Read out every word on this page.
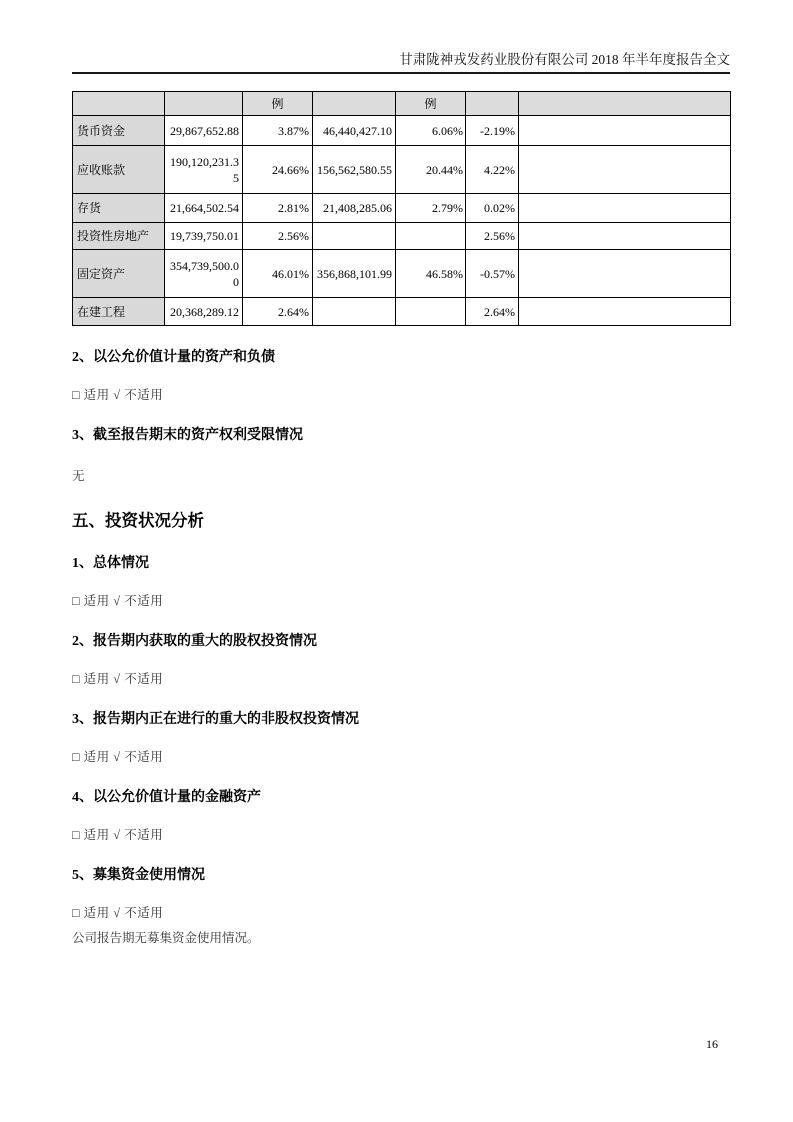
甘肃陇神戎发药业股份有限公司 2018 年半年度报告全文
		例		例		
货币资金	29,867,652.88	3.87%	46,440,427.10	6.06%	-2.19%	
应收账款	190,120,231.35	24.66%	156,562,580.55	20.44%	4.22%	
存货	21,664,502.54	2.81%	21,408,285.06	2.79%	0.02%	
投资性房地产	19,739,750.01	2.56%			2.56%	
固定资产	354,739,500.00	46.01%	356,868,101.99	46.58%	-0.57%	
在建工程	20,368,289.12	2.64%			2.64%	
2、以公允价值计量的资产和负债
□ 适用 √ 不适用
3、截至报告期末的资产权利受限情况
无
五、投资状况分析
1、总体情况
□ 适用 √ 不适用
2、报告期内获取的重大的股权投资情况
□ 适用 √ 不适用
3、报告期内正在进行的重大的非股权投资情况
□ 适用 √ 不适用
4、以公允价值计量的金融资产
□ 适用 √ 不适用
5、募集资金使用情况
□ 适用 √ 不适用
公司报告期无募集资金使用情况。
16
